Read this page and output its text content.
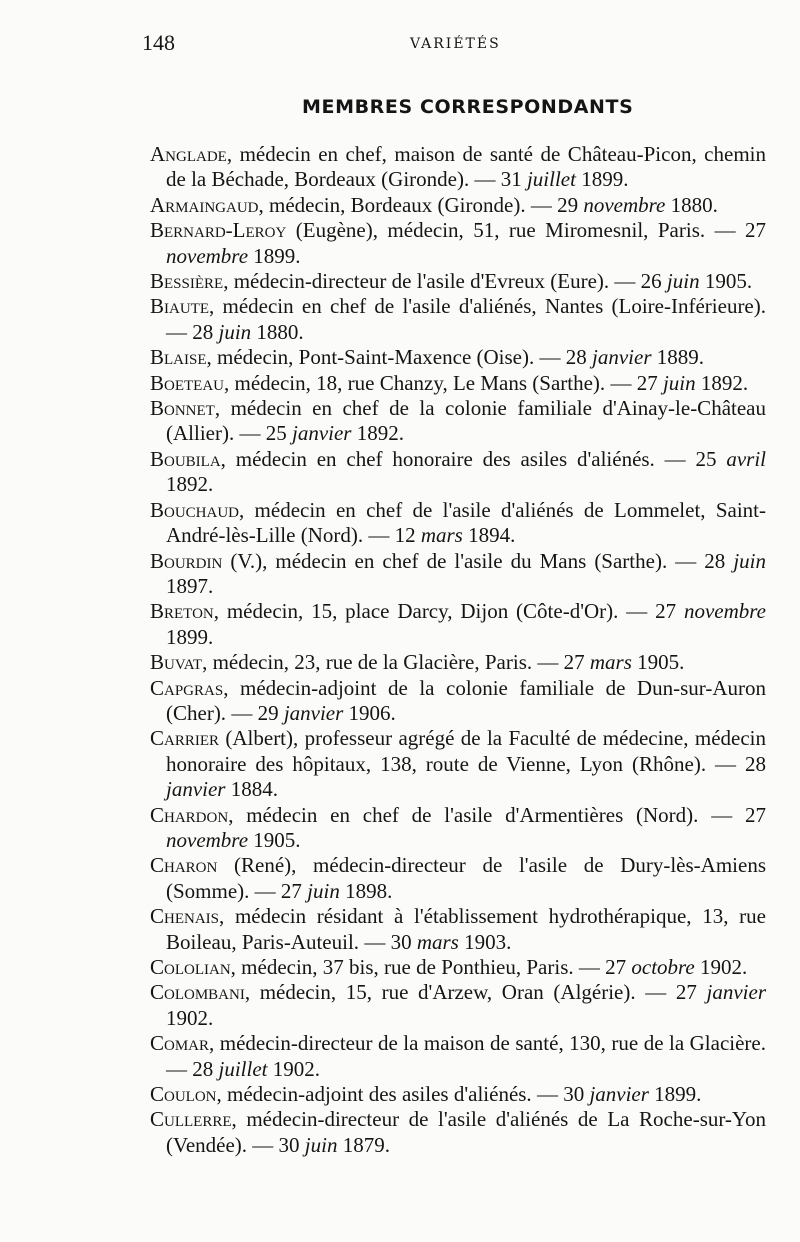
148	VARIÉTÉS
MEMBRES CORRESPONDANTS

Anglade, médecin en chef, maison de santé de Château-Picon, chemin de la Béchade, Bordeaux (Gironde). — 31 juillet 1899.

Armaingaud, médecin, Bordeaux (Gironde). — 29 novembre 1880.

Bernard-Leroy (Eugène), médecin, 51, rue Miromesnil, Paris. — 27 novembre 1899.

Bessière, médecin-directeur de l'asile d'Evreux (Eure). — 26 juin 1905.

Biaute, médecin en chef de l'asile d'aliénés, Nantes (Loire-Inférieure).— 28 juin 1880.

Blaise, médecin, Pont-Saint-Maxence (Oise). — 28 janvier 1889.

Boeteau, médecin, 18, rue Chanzy, Le Mans (Sarthe). — 27 juin 1892.

Bonnet, médecin en chef de la colonie familiale d'Ainay-le-Château (Allier). — 25 janvier 1892.

Boubila, médecin en chef honoraire des asiles d'aliénés. — 25 avril 1892.

Bouchaud, médecin en chef de l'asile d'aliénés de Lommelet, Saint-André-lès-Lille (Nord). — 12 mars 1894.

Bourdin (V.), médecin en chef de l'asile du Mans (Sarthe). — 28 juin 1897.

Breton, médecin, 15, place Darcy, Dijon (Côte-d'Or). — 27 novembre 1899.

Buvat, médecin, 23, rue de la Glacière, Paris. — 27 mars 1905.

Capgras, médecin-adjoint de la colonie familiale de Dun-sur-Auron (Cher). — 29 janvier 1906.

Carrier (Albert), professeur agrégé de la Faculté de médecine, médecin honoraire des hôpitaux, 138, route de Vienne, Lyon (Rhône). — 28 janvier 1884.

Chardon, médecin en chef de l'asile d'Armentières (Nord). — 27 novembre 1905.

Charon (René), médecin-directeur de l'asile de Dury-lès-Amiens (Somme). — 27 juin 1898.

Chenais, médecin résidant à l'établissement hydrothérapique, 13, rue Boileau, Paris-Auteuil. — 30 mars 1903.

Cololian, médecin, 37 bis, rue de Ponthieu, Paris. — 27 octobre 1902.

Colombani, médecin, 15, rue d'Arzew, Oran (Algérie). — 27 janvier 1902.

Comar, médecin-directeur de la maison de santé, 130, rue de la Glacière.— 28 juillet 1902.

Coulon, médecin-adjoint des asiles d'aliénés. — 30 janvier 1899.

Cullerre, médecin-directeur de l'asile d'aliénés de La Roche-sur-Yon (Vendée). — 30 juin 1879.
